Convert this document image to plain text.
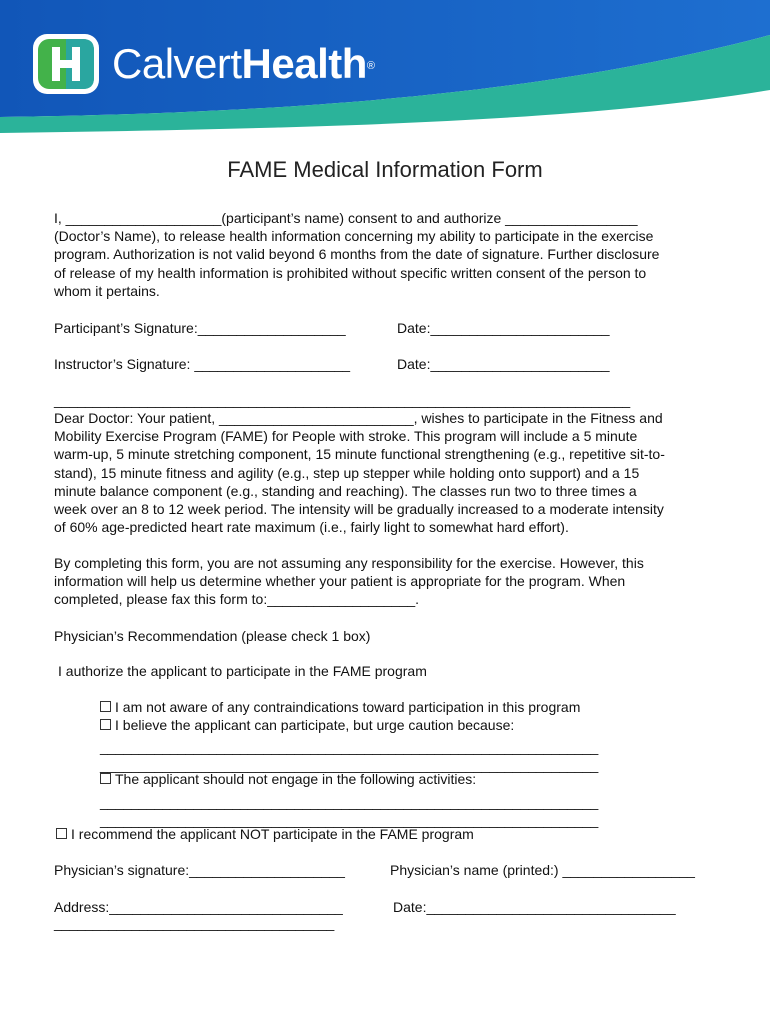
CalvertHealth®
FAME Medical Information Form
I, ____________________(participant’s name) consent to and authorize _________________
(Doctor’s Name), to release health information concerning my ability to participate in the exercise
program. Authorization is not valid beyond 6 months from the date of signature. Further disclosure
of release of my health information is prohibited without specific written consent of the person to
whom it pertains.
Participant’s Signature:___________________	Date:_______________________
Instructor’s Signature: ____________________	Date:_______________________
__________________________________________________________________________
Dear Doctor: Your patient, _________________________, wishes to participate in the Fitness and
Mobility Exercise Program (FAME) for People with stroke. This program will include a 5 minute
warm-up, 5 minute stretching component, 15 minute functional strengthening (e.g., repetitive sit-to-
stand), 15 minute fitness and agility (e.g., step up stepper while holding onto support) and a 15
minute balance component (e.g., standing and reaching). The classes run two to three times a
week over an 8 to 12 week period. The intensity will be gradually increased to a moderate intensity
of 60% age-predicted heart rate maximum (i.e., fairly light to somewhat hard effort).
By completing this form, you are not assuming any responsibility for the exercise. However, this
information will help us determine whether your patient is appropriate for the program. When
completed, please fax this form to:___________________.
Physician’s Recommendation (please check 1 box)
I authorize the applicant to participate in the FAME program
I am not aware of any contraindications toward participation in this program
I believe the applicant can participate, but urge caution because:
________________________________________________________________
________________________________________________________________
The applicant should not engage in the following activities:
________________________________________________________________
________________________________________________________________
I recommend the applicant NOT participate in the FAME program
Physician’s signature:____________________	Physician’s name (printed:) _________________
Address:______________________________	Date:________________________________
____________________________________
